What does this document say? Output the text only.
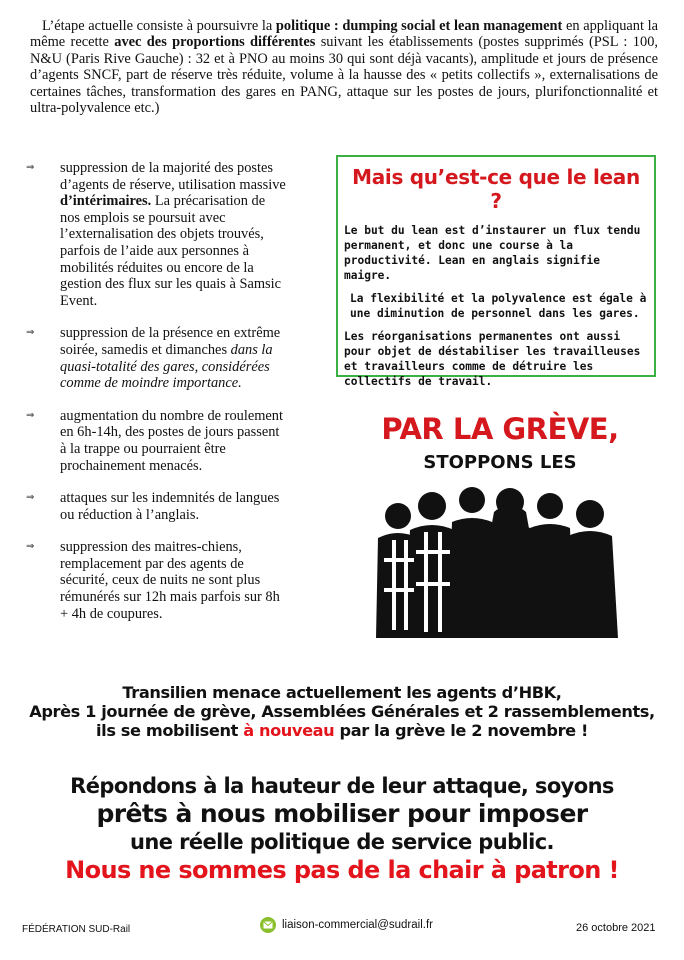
L’étape actuelle consiste à poursuivre la politique : dumping social et lean management en appliquant la même recette avec des proportions différentes suivant les établissements (postes supprimés (PSL : 100, N&U (Paris Rive Gauche) : 32 et à PNO au moins 30 qui sont déjà vacants), amplitude et jours de présence d’agents SNCF, part de réserve très réduite, volume à la hausse des « petits collectifs », externalisations de certaines tâches, transformation des gares en PANG, attaque sur les postes de jours, plurifonctionnalité et ultra-polyvalence etc.)
⇒ suppression de la majorité des postes d’agents de réserve, utilisation massive d’intérimaires. La précarisation de nos emplois se poursuit avec l’externalisation des objets trouvés, parfois de l’aide aux personnes à mobilités réduites ou encore de la gestion des flux sur les quais à Samsic Event.
⇒ suppression de la présence en extrême soirée, samedis et dimanches dans la quasi-totalité des gares, considérées comme de moindre importance.
⇒ augmentation du nombre de roulement en 6h-14h, des postes de jours passent à la trappe ou pourraient être prochainement menacés.
⇒ attaques sur les indemnités de langues ou réduction à l’anglais.
⇒ suppression des maitres-chiens, remplacement par des agents de sécurité, ceux de nuits ne sont plus rémunérés sur 12h mais parfois sur 8h + 4h de coupures.
Mais qu’est-ce que le lean ?

Le but du lean est d’instaurer un flux tendu permanent, et donc une course à la productivité. Lean en anglais signifie maigre.

La flexibilité et la polyvalence est égale à une diminution de personnel dans les gares.

Les réorganisations permanentes ont aussi pour objet de déstabiliser les travailleuses et travailleurs comme de détruire les collectifs de travail.

PAR LA GRÈVE,
STOPPONS LES
Transilien menace actuellement les agents d’HBK,
Après 1 journée de grève, Assemblées Générales et 2 rassemblements,
ils se mobilisent à nouveau par la grève le 2 novembre !
Répondons à la hauteur de leur attaque, soyons
prêts à nous mobiliser pour imposer
une réelle politique de service public.
Nous ne sommes pas de la chair à patron !
FÉDÉRATION SUD-Rail	liaison-commercial@sudrail.fr	26 octobre 2021
